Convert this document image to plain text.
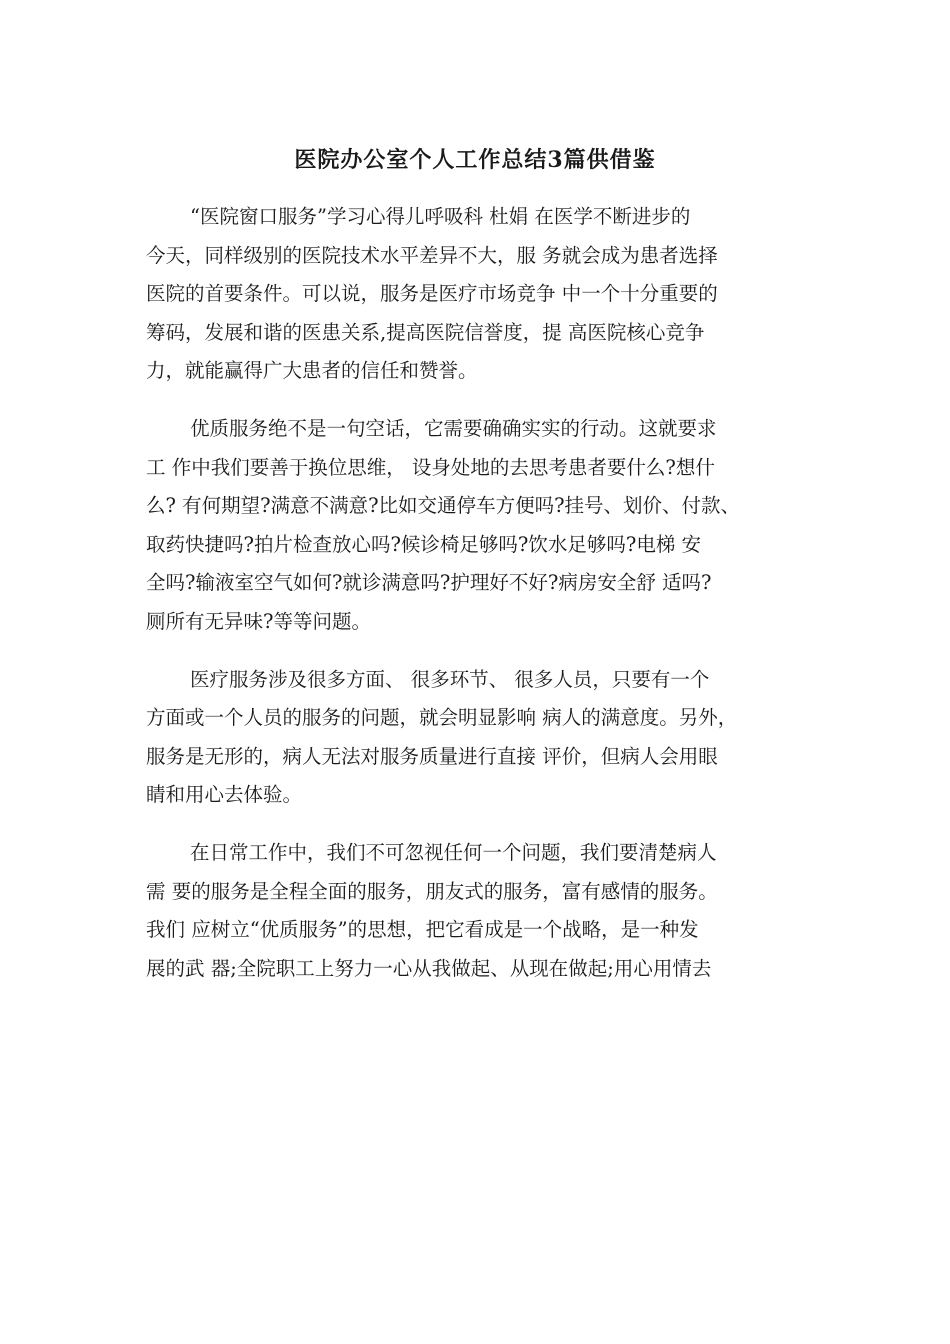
医院办公室个人工作总结3篇供借鉴

“医院窗口服务”学习心得儿呼吸科 杜娟 在医学不断进步的
今天，同样级别的医院技术水平差异不大，服 务就会成为患者选择
医院的首要条件。可以说，服务是医疗市场竞争 中一个十分重要的
筹码，发展和谐的医患关系,提高医院信誉度，提 高医院核心竞争
力，就能赢得广大患者的信任和赞誉。

优质服务绝不是一句空话，它需要确确实实的行动。这就要求
工 作中我们要善于换位思维， 设身处地的去思考患者要什么?想什
么? 有何期望?满意不满意?比如交通停车方便吗?挂号、划价、付款、
取药快捷吗?拍片检查放心吗?候诊椅足够吗?饮水足够吗?电梯 安
全吗?输液室空气如何?就诊满意吗?护理好不好?病房安全舒 适吗?
厕所有无异味?等等问题。

医疗服务涉及很多方面、 很多环节、 很多人员，只要有一个
方面或一个人员的服务的问题，就会明显影响 病人的满意度。另外，
服务是无形的，病人无法对服务质量进行直接 评价，但病人会用眼
睛和用心去体验。

在日常工作中，我们不可忽视任何一个问题，我们要清楚病人
需 要的服务是全程全面的服务，朋友式的服务，富有感情的服务。
我们 应树立“优质服务”的思想，把它看成是一个战略，是一种发
展的武 器;全院职工上努力一心从我做起、从现在做起;用心用情去
